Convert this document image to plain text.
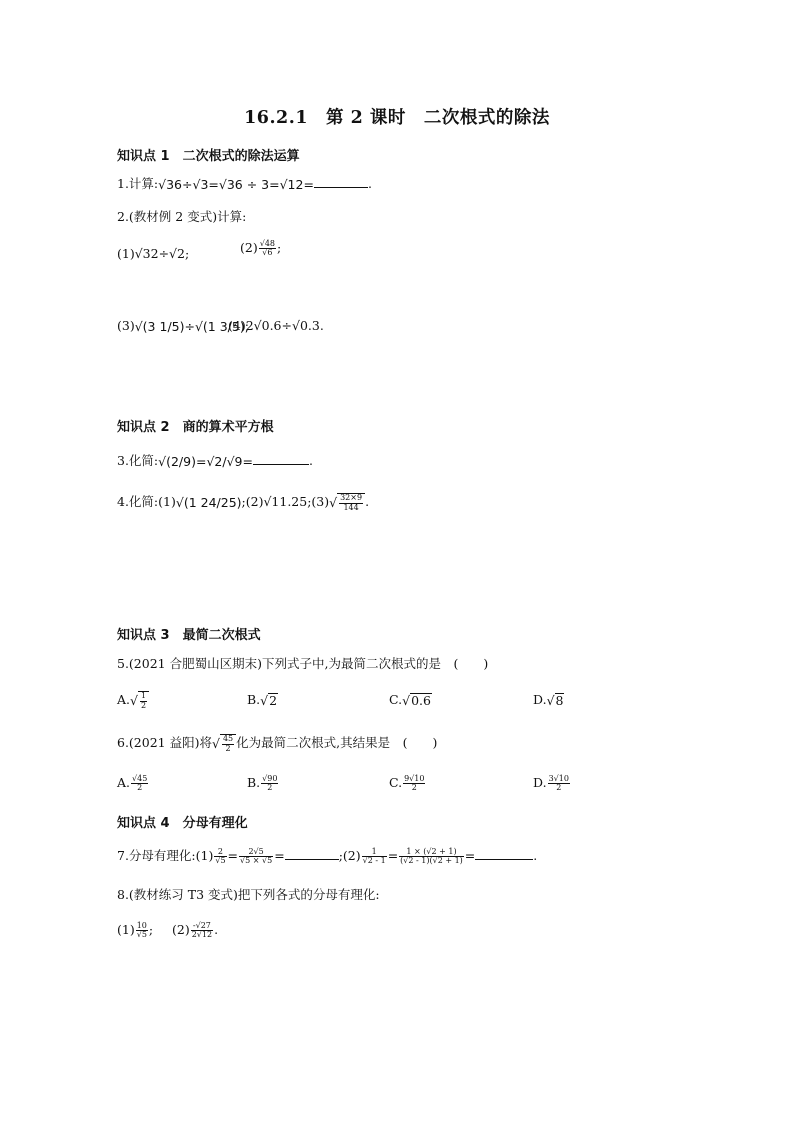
16.2.1　第 2 课时　二次根式的除法
知识点 1　二次根式的除法运算
1.计算:√36÷√3=√36 ÷ 3=√12=	.
2.(教材例 2 变式)计算:
(1)√32÷√2;	$(2) \frac{√48}{√6}$ ;
(3)√(3 1/5)÷√(1 3/5);
(4)2√0.6÷√0.3.
知识点 2　商的算术平方根
3.化简:√(2/9)=√2/√9=	.
4.化简:(1)√(1 24/25);(2)√11.25;(3)√ $\frac{32\times 9}{144}$ .
知识点 3　最简二次根式
5.(2021 合肥蜀山区期末)下列式子中,为最简二次根式的是　(　　)
$A.√ \frac{1}{2}$	B.√2	C.√0.6	D.√8
6.(2021 益阳)将√ $\frac{45}{2}$ 化为最简二次根式,其结果是　(　　)
A. $\frac{√45}{2}$	B. $\frac{√90}{2}$	C. $\frac{9√10}{2}$	D. $\frac{3√10}{2}$
知识点 4　分母有理化
7.分母有理化:(1) $\frac{2}{√5} = \frac{2√5}{√5 \times √5}$ =	;(2) $\frac{1}{√2 - 1} = \frac{1 \times (√2 + 1)}{(√2 - 1)(√2 + 1)}$ =	.
8.(教材练习 T3 变式)把下列各式的分母有理化:
$(1) \frac{10}{√5}$ ; $(2) \frac{-√27}{2√12}$ .
